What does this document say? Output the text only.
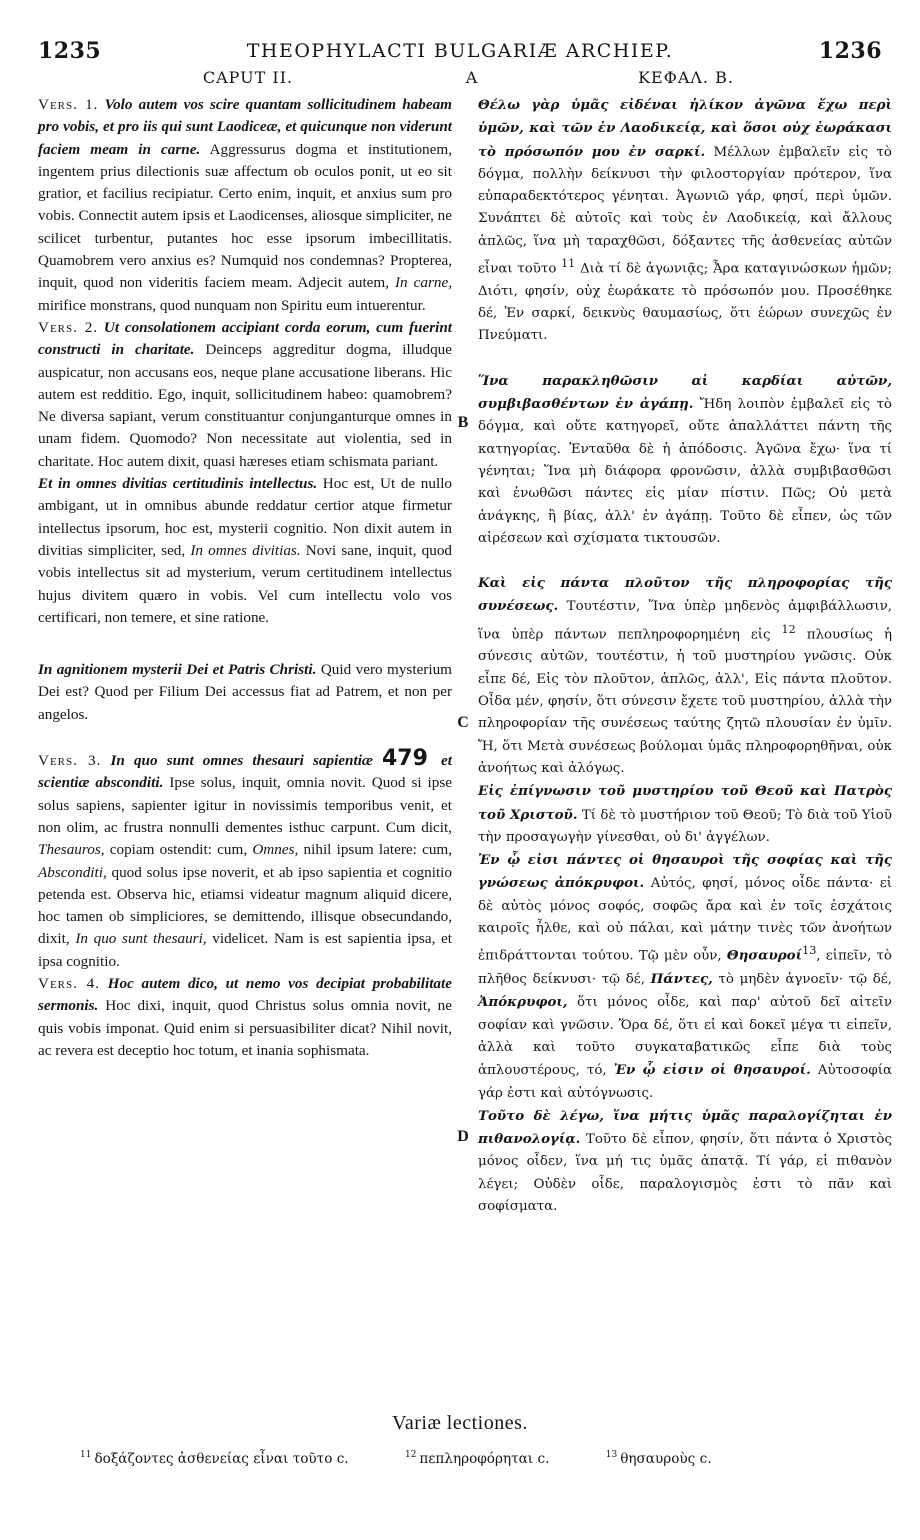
1235	THEOPHYLACTI BULGARIÆ ARCHIEP.	1236
CAPUT II.	A	ΚΕΦΑΛ. Β.

Vers. 1. Volo autem vos scire quantam sollicitudinem habeam pro vobis, et pro iis qui sunt Laodiceæ, et quicunque non viderunt faciem meam in carne. Aggressurus dogma et institutionem, ingentem prius dilectionis suæ affectum ob oculos ponit, ut eo sit gratior, et facilius recipiatur. Certo enim, inquit, et anxius sum pro vobis. Connectit autem ipsis et Laodicenses, aliosque simpliciter, ne scilicet turbentur, putantes hoc esse ipsorum imbecillitatis. Quamobrem vero anxius es? Numquid nos condemnas? Propterea, inquit, quod non videritis faciem meam. Adjecit autem, In carne, mirifice monstrans, quod nunquam non Spiritu eum intuerentur.

Vers. 2. Ut consolationem accipiant corda eorum, cum fuerint constructi in charitate. Deinceps aggreditur dogma, illudque auspicatur, non accusans eos, neque plane accusatione liberans. Hic autem est redditio. Ego, inquit, sollicitudinem habeo: quamobrem? Ne diversa sapiant, verum constituantur conjunganturque omnes in unam fidem. Quomodo? Non necessitate aut violentia, sed in charitate. Hoc autem dixit, quasi hæreses etiam schismata pariant.

Et in omnes divitias certitudinis intellectus. Hoc est, Ut de nullo ambigant, ut in omnibus abunde reddatur certior atque firmetur intellectus ipsorum, hoc est, mysterii cognitio. Non dixit autem in divitias simpliciter, sed, In omnes divitias. Novi sane, inquit, quod vobis intellectus sit ad mysterium, verum certitudinem intellectus hujus divitem quæro in vobis. Vel cum intellectu volo vos certificari, non temere, et sine ratione.

In agnitionem mysterii Dei et Patris Christi. Quid vero mysterium Dei est? Quod per Filium Dei accessus fiat ad Patrem, et non per angelos.

Vers. 3. In quo sunt omnes thesauri sapientiæ 479 et scientiæ absconditi. Ipse solus, inquit, omnia novit. Quod si ipse solus sapiens, sapienter igitur in novissimis temporibus venit, et non olim, ac frustra nonnulli dementes isthuc carpunt. Cum dicit, Thesauros, copiam ostendit: cum, Omnes, nihil ipsum latere: cum, Absconditi, quod solus ipse noverit, et ab ipso sapientia et cognitio petenda est. Observa hic, etiamsi videatur magnum aliquid dicere, hoc tamen ob simpliciores, se demittendo, illisque obsecundando, dixit, In quo sunt thesauri, videlicet. Nam is est sapientia ipsa, et ipsa cognitio.

Vers. 4. Hoc autem dico, ut nemo vos decipiat probabilitate sermonis. Hoc dixi, inquit, quod Christus solus omnia novit, ne quis vobis imponat. Quid enim si persuasibiliter dicat? Nihil novit, ac revera est deceptio hoc totum, et inania sophismata.

B
C
D

Θέλω γὰρ ὑμᾶς εἰδέναι ἡλίκον ἀγῶνα ἔχω περὶ ὑμῶν, καὶ τῶν ἐν Λαοδικείᾳ, καὶ ὅσοι οὐχ ἑωράκασι τὸ πρόσωπόν μου ἐν σαρκί. Μέλλων ἐμβαλεῖν εἰς τὸ δόγμα, πολλὴν δείκνυσι τὴν φιλοστοργίαν πρότερον, ἵνα εὐπαραδεκτότερος γένηται. Ἀγωνιῶ γάρ, φησί, περὶ ὑμῶν. Συνάπτει δὲ αὐτοῖς καὶ τοὺς ἐν Λαοδικείᾳ, καὶ ἄλλους ἁπλῶς, ἵνα μὴ ταραχθῶσι, δόξαντες τῆς ἀσθενείας αὐτῶν εἶναι τοῦτο $^{11}$ Διὰ τί δὲ ἀγωνιᾷς; Ἆρα καταγινώσκων ἡμῶν; Διότι, φησίν, οὐχ ἑωράκατε τὸ πρόσωπόν μου. Προσέθηκε δέ, Ἐν σαρκί, δεικνὺς θαυμασίως, ὅτι ἑώρων συνεχῶς ἐν Πνεύματι.

Ἵνα παρακληθῶσιν αἱ καρδίαι αὐτῶν, συμβιβασθέντων ἐν ἀγάπῃ. Ἤδη λοιπὸν ἐμβαλεῖ εἰς τὸ δόγμα, καὶ οὔτε κατηγορεῖ, οὔτε ἀπαλλάττει πάντη τῆς κατηγορίας. Ἐνταῦθα δὲ ἡ ἀπόδοσις. Ἀγῶνα ἔχω· ἵνα τί γένηται; Ἵνα μὴ διάφορα φρονῶσιν, ἀλλὰ συμβιβασθῶσι καὶ ἑνωθῶσι πάντες εἰς μίαν πίστιν. Πῶς; Οὐ μετὰ ἀνάγκης, ἢ βίας, ἀλλ' ἐν ἀγάπῃ. Τοῦτο δὲ εἶπεν, ὡς τῶν αἱρέσεων καὶ σχίσματα τικτουσῶν.

Καὶ εἰς πάντα πλοῦτον τῆς πληροφορίας τῆς συνέσεως. Τουτέστιν, Ἵνα ὑπὲρ μηδενὸς ἀμφιβάλλωσιν, ἵνα ὑπὲρ πάντων πεπληροφορημένη εἰς $^{12}$ πλουσίως ἡ σύνεσις αὐτῶν, τουτέστιν, ἡ τοῦ μυστηρίου γνῶσις. Οὐκ εἶπε δέ, Εἰς τὸν πλοῦτον, ἁπλῶς, ἀλλ', Εἰς πάντα πλοῦτον. Οἶδα μέν, φησίν, ὅτι σύνεσιν ἔχετε τοῦ μυστηρίου, ἀλλὰ τὴν πληροφορίαν τῆς συνέσεως ταύτης ζητῶ πλουσίαν ἐν ὑμῖν. Ἤ, ὅτι Μετὰ συνέσεως βούλομαι ὑμᾶς πληροφορηθῆναι, οὐκ ἀνοήτως καὶ ἀλόγως.

Εἰς ἐπίγνωσιν τοῦ μυστηρίου τοῦ Θεοῦ καὶ Πατρὸς τοῦ Χριστοῦ. Τί δὲ τὸ μυστήριον τοῦ Θεοῦ; Τὸ διὰ τοῦ Υἱοῦ τὴν προσαγωγὴν γίνεσθαι, οὐ δι' ἀγγέλων.

Ἐν ᾧ εἰσι πάντες οἱ θησαυροὶ τῆς σοφίας καὶ τῆς γνώσεως ἀπόκρυφοι. Αὐτός, φησί, μόνος οἶδε πάντα· εἰ δὲ αὐτὸς μόνος σοφός, σοφῶς ἄρα καὶ ἐν τοῖς ἐσχάτοις καιροῖς ἦλθε, καὶ οὐ πάλαι, καὶ μάτην τινὲς τῶν ἀνοήτων ἐπιδράττονται τούτου. Τῷ μὲν οὖν, Θησαυροί$^{13}$, εἰπεῖν, τὸ πλῆθος δείκνυσι· τῷ δέ, Πάντες, τὸ μηδὲν ἀγνοεῖν· τῷ δέ, Ἀπόκρυφοι, ὅτι μόνος οἶδε, καὶ παρ' αὐτοῦ δεῖ αἰτεῖν σοφίαν καὶ γνῶσιν. Ὅρα δέ, ὅτι εἰ καὶ δοκεῖ μέγα τι εἰπεῖν, ἀλλὰ καὶ τοῦτο συγκαταβατικῶς εἶπε διὰ τοὺς ἁπλουστέρους, τό, Ἐν ᾧ εἰσιν οἱ θησαυροί. Αὐτοσοφία γάρ ἐστι καὶ αὐτόγνωσις.

Τοῦτο δὲ λέγω, ἵνα μήτις ὑμᾶς παραλογίζηται ἐν πιθανολογίᾳ. Τοῦτο δὲ εἶπον, φησίν, ὅτι πάντα ὁ Χριστὸς μόνος οἶδεν, ἵνα μή τις ὑμᾶς ἀπατᾷ. Τί γάρ, εἰ πιθανὸν λέγει; Οὐδὲν οἶδε, παραλογισμὸς ἐστι τὸ πᾶν καὶ σοφίσματα.

Variæ lectiones.
$^{11}$ δοξάζοντες ἀσθενείας εἶναι τοῦτο c.	$^{12}$ πεπληροφόρηται c.	$^{13}$ θησαυροὺς c.
